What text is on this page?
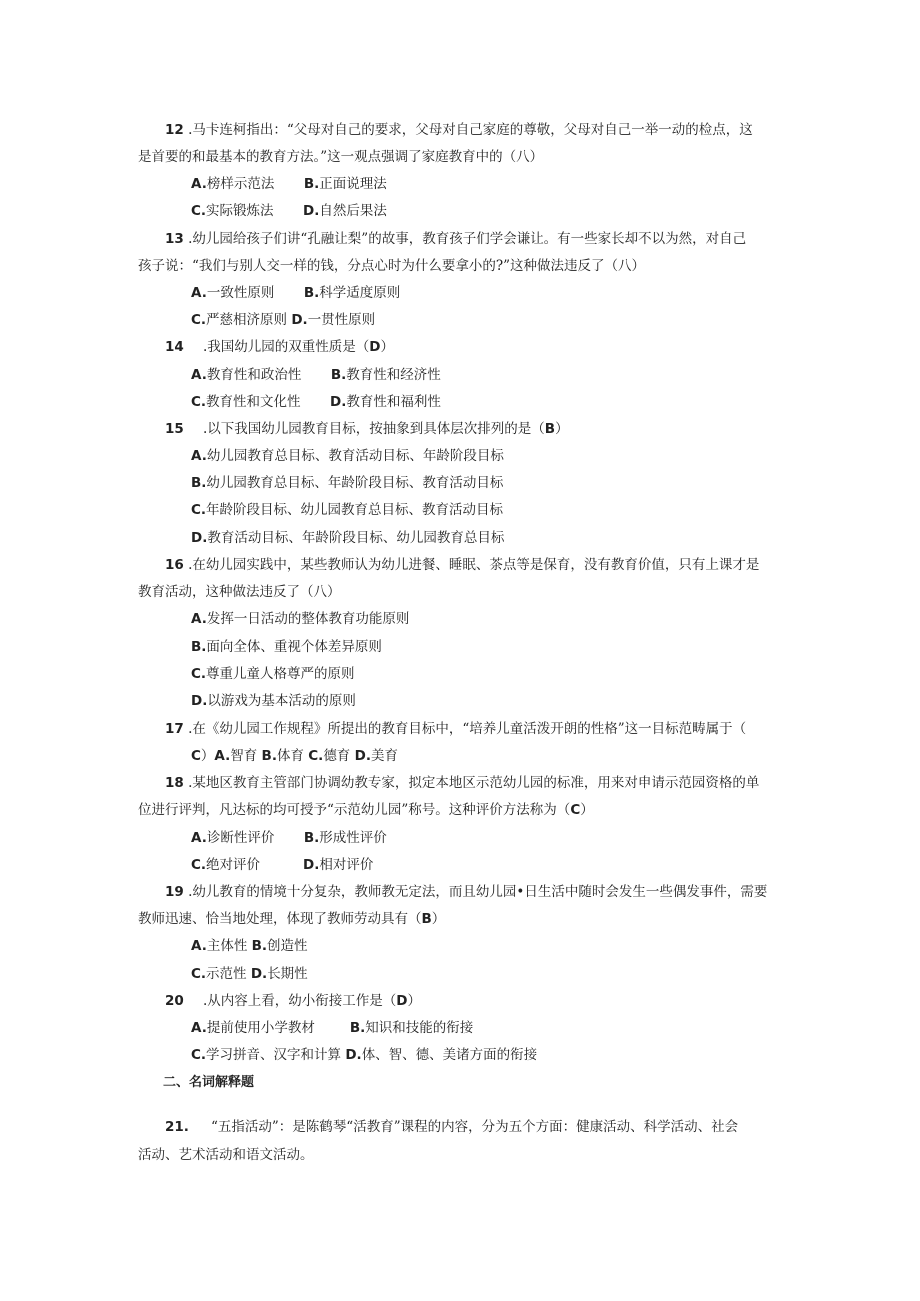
12 .马卡连柯指出：“父母对自己的要求，父母对自己家庭的尊敬，父母对自己一举一动的检点，这
是首要的和最基本的教育方法。”这一观点强调了家庭教育中的（八）
A.榜样示范法 B.正面说理法
C.实际锻炼法 D.自然后果法
13 .幼儿园给孩子们讲“孔融让梨”的故事，教育孩子们学会谦让。有一些家长却不以为然，对自己
孩子说：“我们与别人交一样的钱，分点心时为什么要拿小的?”这种做法违反了（八）
A.一致性原则 B.科学适度原则
C.严慈相济原则 D.一贯性原则
14 .我国幼儿园的双重性质是（D）
A.教育性和政治性 B.教育性和经济性
C.教育性和文化性 D.教育性和福利性
15 .以下我国幼儿园教育目标，按抽象到具体层次排列的是（B）
A.幼儿园教育总目标、教育活动目标、年龄阶段目标
B.幼儿园教育总目标、年龄阶段目标、教育活动目标
C.年龄阶段目标、幼儿园教育总目标、教育活动目标
D.教育活动目标、年龄阶段目标、幼儿园教育总目标
16 .在幼儿园实践中，某些教师认为幼儿进餐、睡眠、茶点等是保育，没有教育价值，只有上课才是
教育活动，这种做法违反了（八）
A.发挥一日活动的整体教育功能原则
B.面向全体、重视个体差异原则
C.尊重儿童人格尊严的原则
D.以游戏为基本活动的原则
17 .在《幼儿园工作规程》所提出的教育目标中，“培养儿童活泼开朗的性格”这一目标范畴属于（
C）A.智育 B.体育 C.德育 D.美育
18 .某地区教育主管部门协调幼教专家，拟定本地区示范幼儿园的标准，用来对申请示范园资格的单
位进行评判，凡达标的均可授予“示范幼儿园”称号。这种评价方法称为（C）
A.诊断性评价 B.形成性评价
C.绝对评价	D.相对评价
19 .幼儿教育的情境十分复杂，教师教无定法，而且幼儿园•日生活中随时会发生一些偶发事件，需要
教师迅速、恰当地处理，体现了教师劳动具有（B）
A.主体性 B.创造性
C.示范性 D.长期性
20 .从内容上看，幼小衔接工作是（D）
A.提前使用小学教材	B.知识和技能的衔接
C.学习拼音、汉字和计算 D.体、智、德、美诸方面的衔接
二、名词解释题
21. “五指活动”：是陈鹤琴“活教育”课程的内容，分为五个方面：健康活动、科学活动、社会
活动、艺术活动和语文活动。
